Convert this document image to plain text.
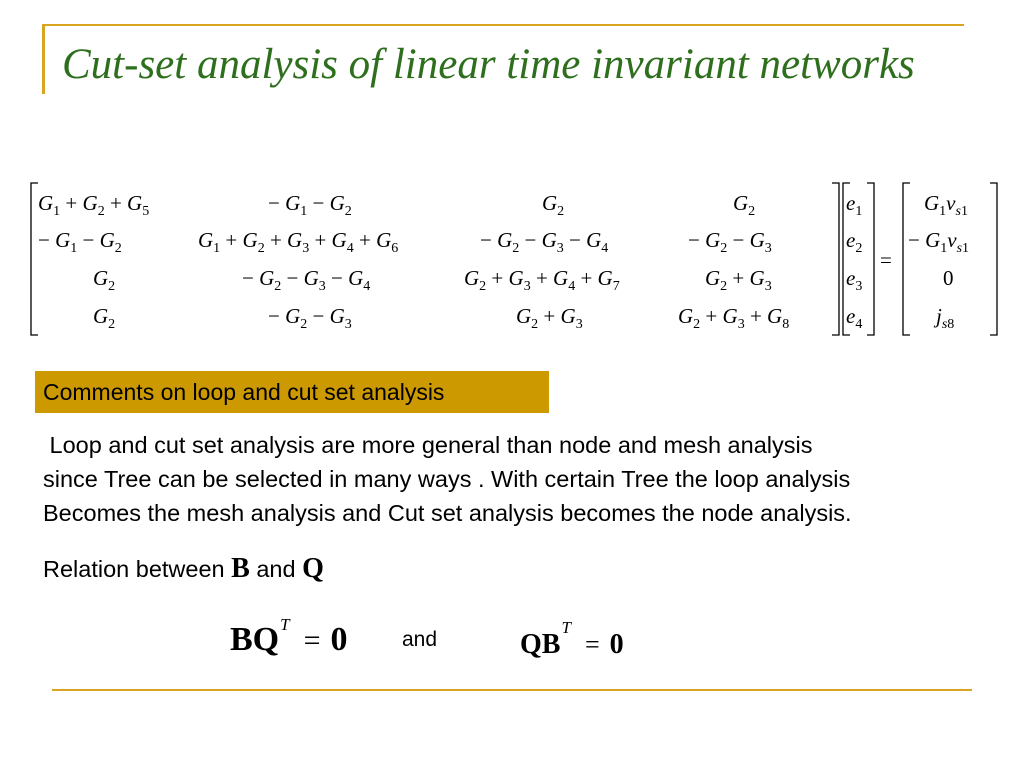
Cut-set analysis of linear time invariant networks
$G_1 + G_2 + G_5$	− $G_1 - G_2$	$G_2$	$G_2$
− $G_1 - G_2$	$G_1 + G_2 + G_3 + G_4 + G_6$	− $G_2 - G_3 - G_4$	− $G_2 - G_3$
$G_2$	− $G_2 - G_3 - G_4$	$G_2 + G_3 + G_4 + G_7$	$G_2 + G_3$
$G_2$	− $G_2 - G_3$	$G_2 + G_3$	$G_2 + G_3 + G_8$
$e_1$
$e_2$
$e_3$
$e_4$
=
$G_1v_s1$
− $G_1v_s1$
0
$j_s8$
Comments on loop and cut set analysis
Loop and cut set analysis are more general than node and mesh analysis
since Tree can be selected in many ways . With certain Tree the loop analysis
Becomes the mesh analysis and Cut set analysis becomes the node analysis.
Relation between B and Q
$BQ^T = 0$	and	$QB^T= 0$
